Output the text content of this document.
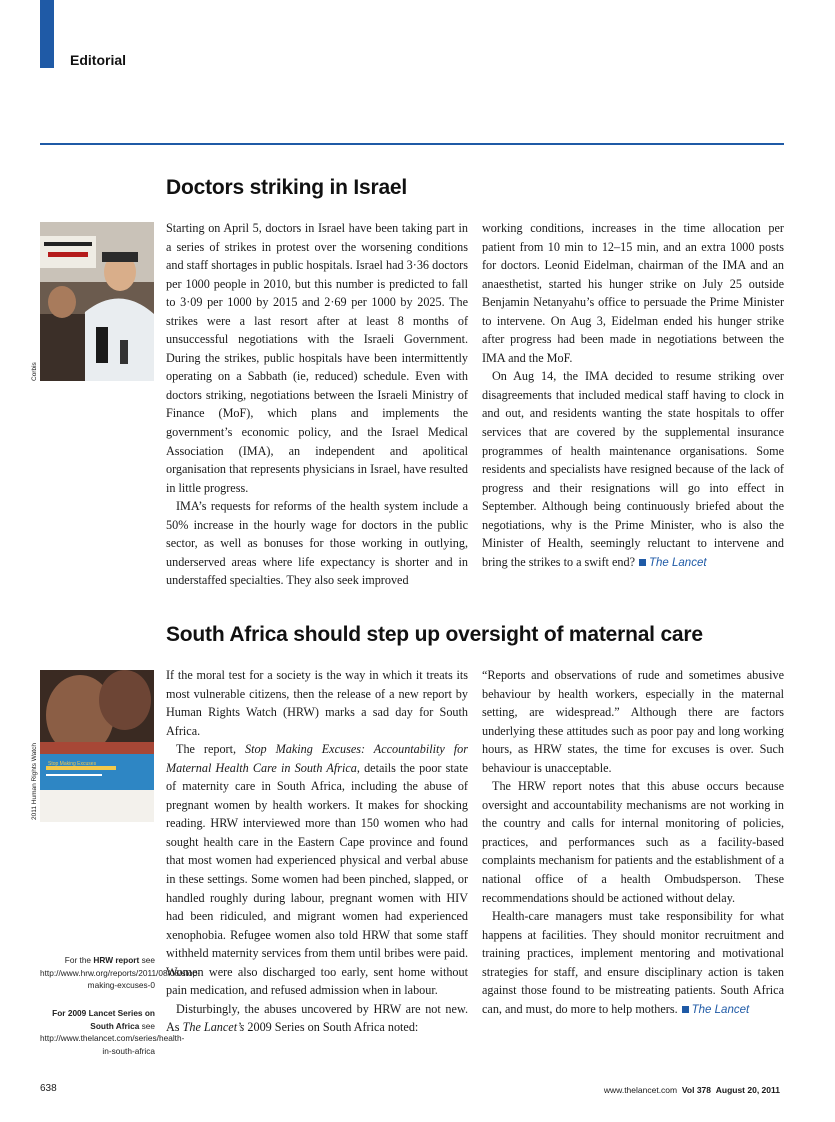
Editorial
Doctors striking in Israel
Corbis

Starting on April 5, doctors in Israel have been taking part in a series of strikes in protest over the worsening conditions and staff shortages in public hospitals. Israel had 3·36 doctors per 1000 people in 2010, but this number is predicted to fall to 3·09 per 1000 by 2015 and 2·69 per 1000 by 2025. The strikes were a last resort after at least 8 months of unsuccessful negotiations with the Israeli Government. During the strikes, public hospitals have been intermittently operating on a Sabbath (ie, reduced) schedule. Even with doctors striking, negotiations between the Israeli Ministry of Finance (MoF), which plans and implements the government’s economic policy, and the Israel Medical Association (IMA), an independent and apolitical organisation that represents physicians in Israel, have resulted in little progress.

IMA’s requests for reforms of the health system include a 50% increase in the hourly wage for doctors in the public sector, as well as bonuses for those working in outlying, underserved areas where life expectancy is shorter and in understaffed specialties. They also seek improved

working conditions, increases in the time allocation per patient from 10 min to 12–15 min, and an extra 1000 posts for doctors. Leonid Eidelman, chairman of the IMA and an anaesthetist, started his hunger strike on July 25 outside Benjamin Netanyahu’s office to persuade the Prime Minister to intervene. On Aug 3, Eidelman ended his hunger strike after progress had been made in negotiations between the IMA and the MoF.

On Aug 14, the IMA decided to resume striking over disagreements that included medical staff having to clock in and out, and residents wanting the state hospitals to offer services that are covered by the supplemental insurance programmes of health maintenance organisations. Some residents and specialists have resigned because of the lack of progress and their resignations will go into effect in September. Although being continuously briefed about the negotiations, why is the Prime Minister, who is also the Minister of Health, seemingly reluctant to intervene and bring the strikes to a swift end? The Lancet

South Africa should step up oversight of maternal care
Stop Making Excuses
2011 Human Rights Watch
For the HRW report see http://www.hrw.org/reports/2011/08/08/stop-making-excuses-0
For 2009 Lancet Series on South Africa see http://www.thelancet.com/series/health-in-south-africa

If the moral test for a society is the way in which it treats its most vulnerable citizens, then the release of a new report by Human Rights Watch (HRW) marks a sad day for South Africa.

The report, Stop Making Excuses: Accountability for Maternal Health Care in South Africa, details the poor state of maternity care in South Africa, including the abuse of pregnant women by health workers. It makes for shocking reading. HRW interviewed more than 150 women who had sought health care in the Eastern Cape province and found that most women had experienced physical and verbal abuse in these settings. Some women had been pinched, slapped, or handled roughly during labour, pregnant women with HIV had been ridiculed, and migrant women had experienced xenophobia. Refugee women also told HRW that some staff withheld maternity services from them until bribes were paid. Women were also discharged too early, sent home without pain medication, and refused admission when in labour.

Disturbingly, the abuses uncovered by HRW are not new. As The Lancet’s 2009 Series on South Africa noted:

“Reports and observations of rude and sometimes abusive behaviour by health workers, especially in the maternal setting, are widespread.” Although there are factors underlying these attitudes such as poor pay and long working hours, as HRW states, the time for excuses is over. Such behaviour is unacceptable.

The HRW report notes that this abuse occurs because oversight and accountability mechanisms are not working in the country and calls for internal monitoring of policies, practices, and performances such as a facility-based complaints mechanism for patients and the establishment of a national office of a health Ombudsperson. These recommendations should be actioned without delay.

Health-care managers must take responsibility for what happens at facilities. They should monitor recruitment and training practices, implement mentoring and motivational strategies for staff, and ensure disciplinary action is taken against those found to be mistreating patients. South Africa can, and must, do more to help mothers. The Lancet

638	www.thelancet.com Vol 378 August 20, 2011
